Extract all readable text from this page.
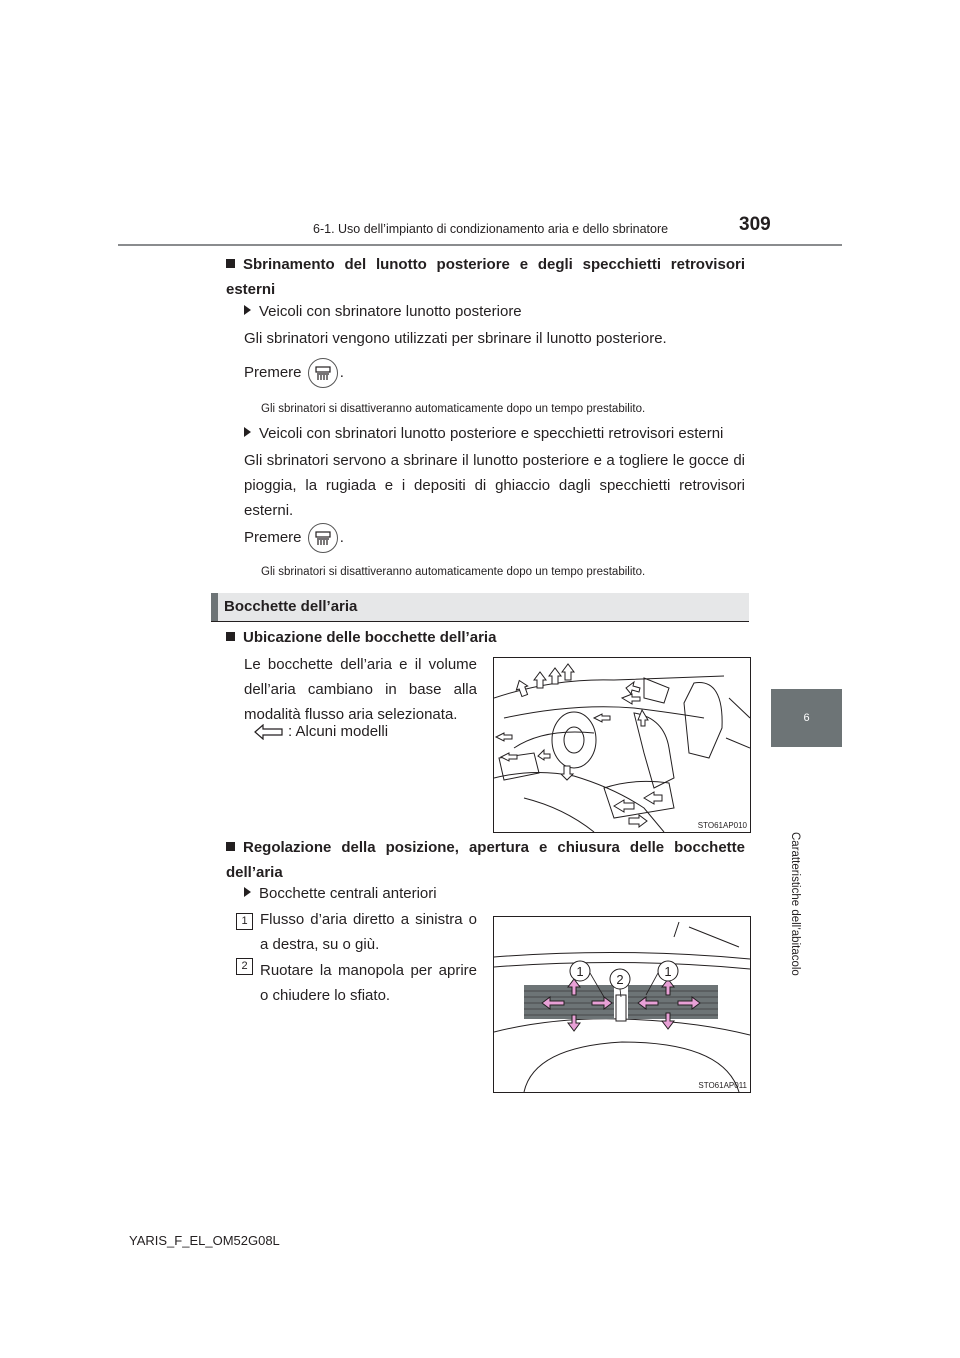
6-1. Uso dell’impianto di condizionamento aria e dello sbrinatore	309
6
Caratteristiche dell’abitacolo
Sbrinamento del lunotto posteriore e degli specchietti retrovisori esterni
Veicoli con sbrinatore lunotto posteriore
Gli sbrinatori vengono utilizzati per sbrinare il lunotto posteriore.
Premere	.
Gli sbrinatori si disattiveranno automaticamente dopo un tempo prestabilito.
Veicoli con sbrinatori lunotto posteriore e specchietti retrovisori esterni
Gli sbrinatori servono a sbrinare il lunotto posteriore e a togliere le gocce di pioggia, la rugiada e i depositi di ghiaccio dagli specchietti retrovisori esterni.
Premere	.
Gli sbrinatori si disattiveranno automaticamente dopo un tempo prestabilito.
Bocchette dell’aria
Ubicazione delle bocchette dell’aria
Le bocchette dell’aria e il volume dell’aria cambiano in base alla modalità flusso aria selezionata.
: Alcuni modelli
STO61AP010
Regolazione della posizione, apertura e chiusura delle bocchette dell’aria
Bocchette centrali anteriori
1 Flusso d’aria diretto a sinistra o a destra, su o giù.
2 Ruotare la manopola per aprire o chiudere lo sfiato.
1
2
1
STO61AP011
YARIS_F_EL_OM52G08L
